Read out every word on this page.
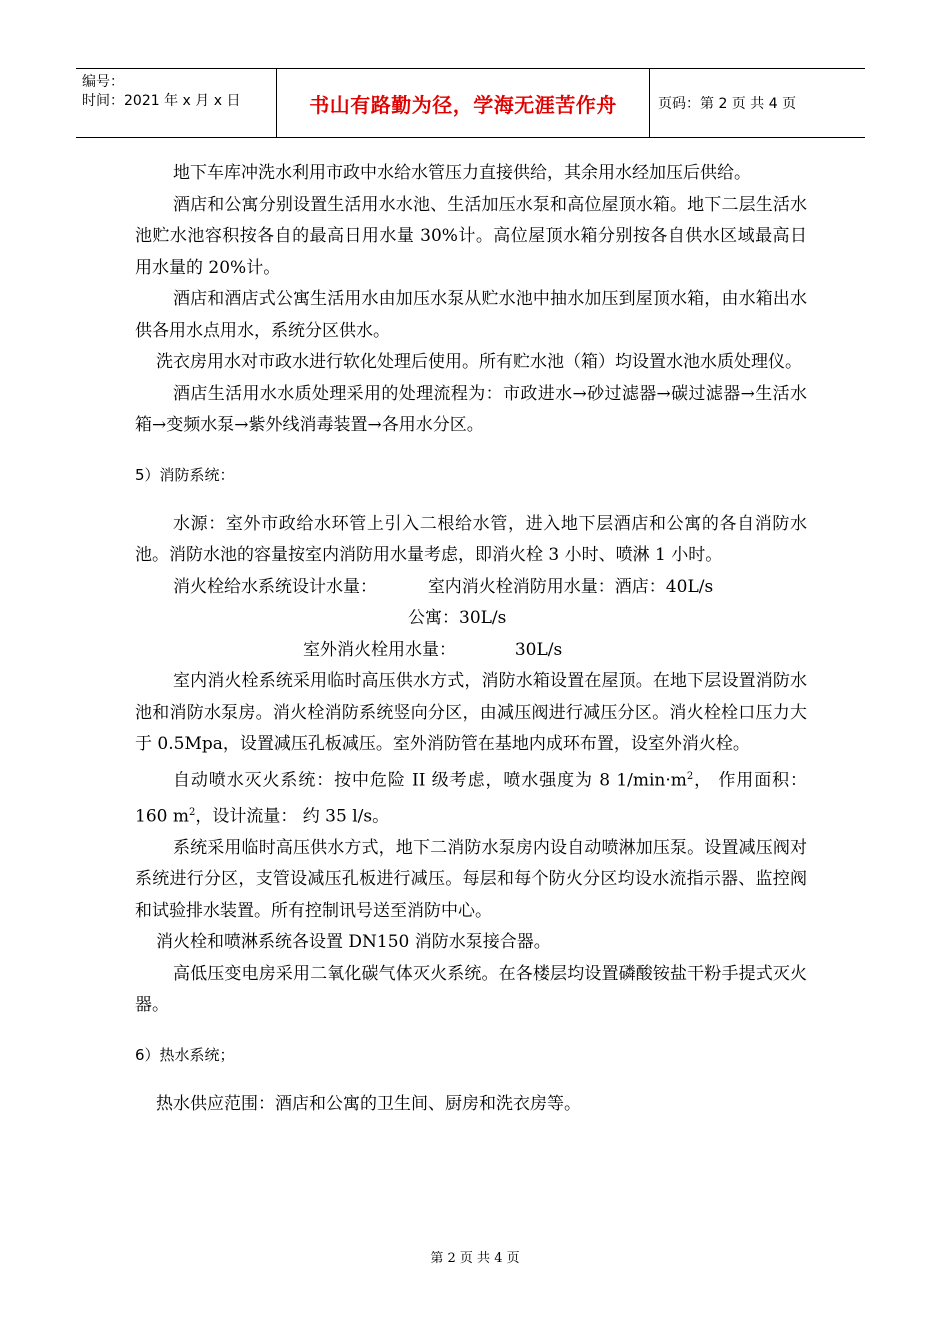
编号：
时间：2021 年 x 月 x 日	书山有路勤为径，学海无涯苦作舟	页码：第 2 页 共 4 页

地下车库冲洗水利用市政中水给水管压力直接供给，其余用水经加压后供给。

酒店和公寓分别设置生活用水水池、生活加压水泵和高位屋顶水箱。地下二层生活水池贮水池容积按各自的最高日用水量 30%计。高位屋顶水箱分别按各自供水区域最高日用水量的 20%计。

酒店和酒店式公寓生活用水由加压水泵从贮水池中抽水加压到屋顶水箱，由水箱出水供各用水点用水，系统分区供水。

洗衣房用水对市政水进行软化处理后使用。所有贮水池（箱）均设置水池水质处理仪。

酒店生活用水水质处理采用的处理流程为：市政进水→砂过滤器→碳过滤器→生活水箱→变频水泵→紫外线消毒装置→各用水分区。

5）消防系统：

水源：室外市政给水环管上引入二根给水管，进入地下层酒店和公寓的各自消防水池。消防水池的容量按室内消防用水量考虑，即消火栓 3 小时、喷淋 1 小时。

消火栓给水系统设计水量：	室内消火栓消防用水量：酒店：40L/s

公寓：30L/s

室外消火栓用水量：	30L/s

室内消火栓系统采用临时高压供水方式，消防水箱设置在屋顶。在地下层设置消防水池和消防水泵房。消火栓消防系统竖向分区，由减压阀进行减压分区。消火栓栓口压力大于 0.5Mpa，设置减压孔板减压。室外消防管在基地内成环布置，设室外消火栓。

自动喷水灭火系统：按中危险 II 级考虑，喷水强度为 8 $1/\min\cdot m^2$， 作用面积： 160 $m^2$，设计流量： 约 35 l/s。

系统采用临时高压供水方式，地下二消防水泵房内设自动喷淋加压泵。设置减压阀对系统进行分区，支管设减压孔板进行减压。每层和每个防火分区均设水流指示器、监控阀和试验排水装置。所有控制讯号送至消防中心。

消火栓和喷淋系统各设置 DN150 消防水泵接合器。

高低压变电房采用二氧化碳气体灭火系统。在各楼层均设置磷酸铵盐干粉手提式灭火器。

6）热水系统；

热水供应范围：酒店和公寓的卫生间、厨房和洗衣房等。

第 2 页 共 4 页
